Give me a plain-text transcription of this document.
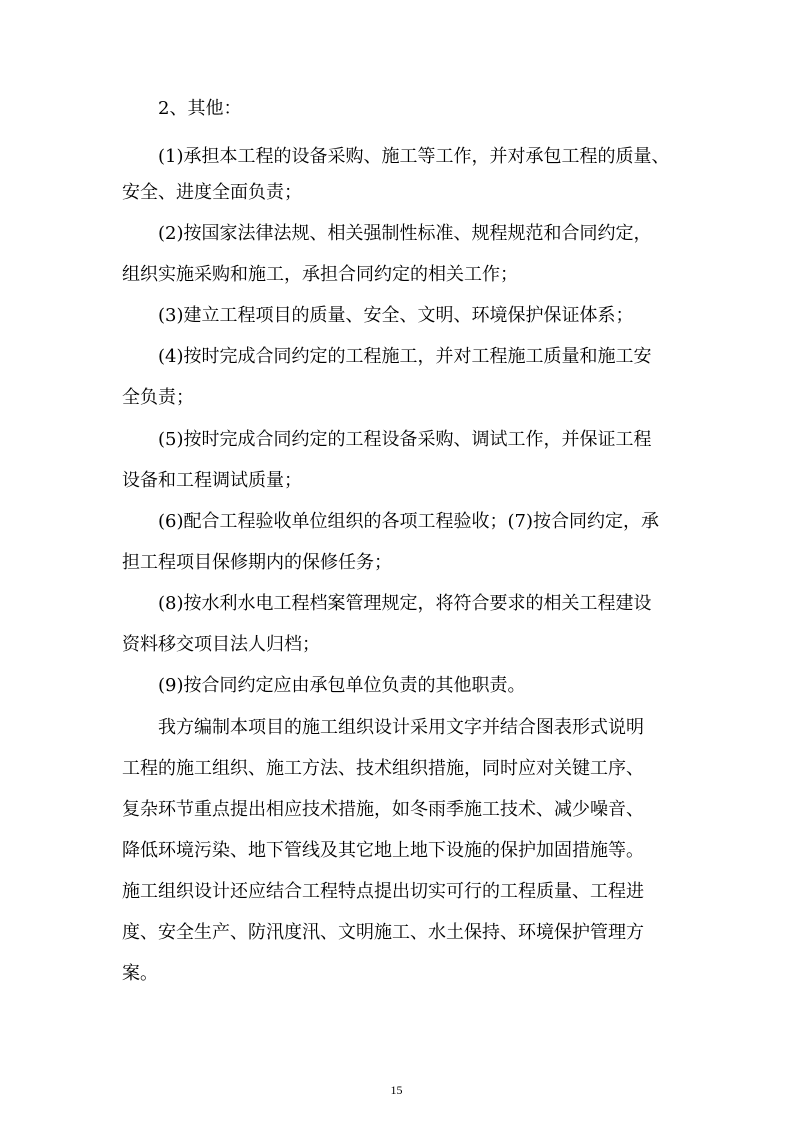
2、其他：

(1)承担本工程的设备采购、施工等工作，并对承包工程的质量、

安全、进度全面负责；

(2)按国家法律法规、相关强制性标准、规程规范和合同约定，

组织实施采购和施工，承担合同约定的相关工作；

(3)建立工程项目的质量、安全、文明、环境保护保证体系；

(4)按时完成合同约定的工程施工，并对工程施工质量和施工安

全负责；

(5)按时完成合同约定的工程设备采购、调试工作，并保证工程

设备和工程调试质量；

(6)配合工程验收单位组织的各项工程验收；(7)按合同约定，承

担工程项目保修期内的保修任务；

(8)按水利水电工程档案管理规定，将符合要求的相关工程建设

资料移交项目法人归档；

(9)按合同约定应由承包单位负责的其他职责。

我方编制本项目的施工组织设计采用文字并结合图表形式说明

工程的施工组织、施工方法、技术组织措施，同时应对关键工序、

复杂环节重点提出相应技术措施，如冬雨季施工技术、减少噪音、

降低环境污染、地下管线及其它地上地下设施的保护加固措施等。

施工组织设计还应结合工程特点提出切实可行的工程质量、工程进

度、安全生产、防汛度汛、文明施工、水土保持、环境保护管理方

案。

15
